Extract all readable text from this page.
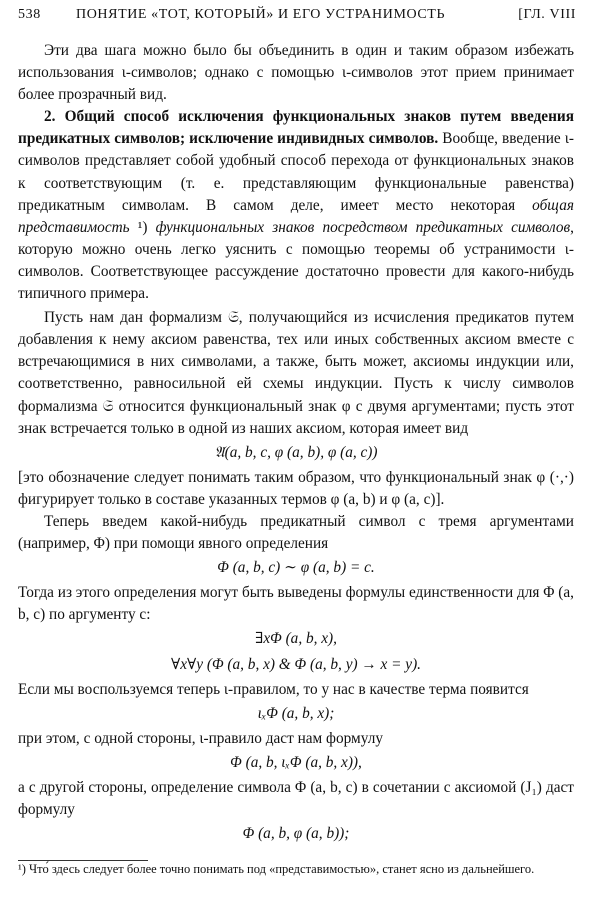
538	ПОНЯТИЕ «ТОТ, КОТОРЫЙ» И ЕГО УСТРАНИМОСТЬ	[ГЛ. VIII

Эти два шага можно было бы объединить в один и таким образом избежать использования ι-символов; однако с помощью ι-символов этот прием принимает более прозрачный вид.

2. Общий способ исключения функциональных знаков путем введения предикатных символов; исключение индивидных символов. Вообще, введение ι-символов представляет собой удобный способ перехода от функциональных знаков к соответствующим (т. е. представляющим функциональные равенства) предикатным символам. В самом деле, имеет место некоторая общая представимость ¹) функциональных знаков посредством предикатных символов, которую можно очень легко уяснить с помощью теоремы об устранимости ι-символов. Соответствующее рассуждение достаточно провести для какого-нибудь типичного примера.

Пусть нам дан формализм 𝔖, получающийся из исчисления предикатов путем добавления к нему аксиом равенства, тех или иных собственных аксиом вместе с встречающимися в них символами, а также, быть может, аксиомы индукции или, соответственно, равносильной ей схемы индукции. Пусть к числу символов формализма 𝔖 относится функциональный знак φ с двумя аргументами; пусть этот знак встречается только в одной из наших аксиом, которая имеет вид

𝔄(a, b, c, φ (a, b), φ (a, c))

[это обозначение следует понимать таким образом, что функциональный знак φ (·,·) фигурирует только в составе указанных термов φ (a, b) и φ (a, c)].

Теперь введем какой-нибудь предикатный символ с тремя аргументами (например, Φ) при помощи явного определения

Φ (a, b, c) ∼ φ (a, b) = c.

Тогда из этого определения могут быть выведены формулы единственности для Φ (a, b, c) по аргументу c:

∃xΦ (a, b, x),
∀x∀y (Φ (a, b, x) & Φ (a, b, y) → x = y).

Если мы воспользуемся теперь ι-правилом, то у нас в качестве терма появится

ιₓΦ (a, b, x);

при этом, с одной стороны, ι-правило даст нам формулу

Φ (a, b, ιₓΦ (a, b, x)),

а с другой стороны, определение символа Φ (a, b, c) в сочетании с аксиомой (J₁) даст формулу

Φ (a, b, φ (a, b));
¹) Что́ здесь следует более точно понимать под «представимостью», станет ясно из дальнейшего.
